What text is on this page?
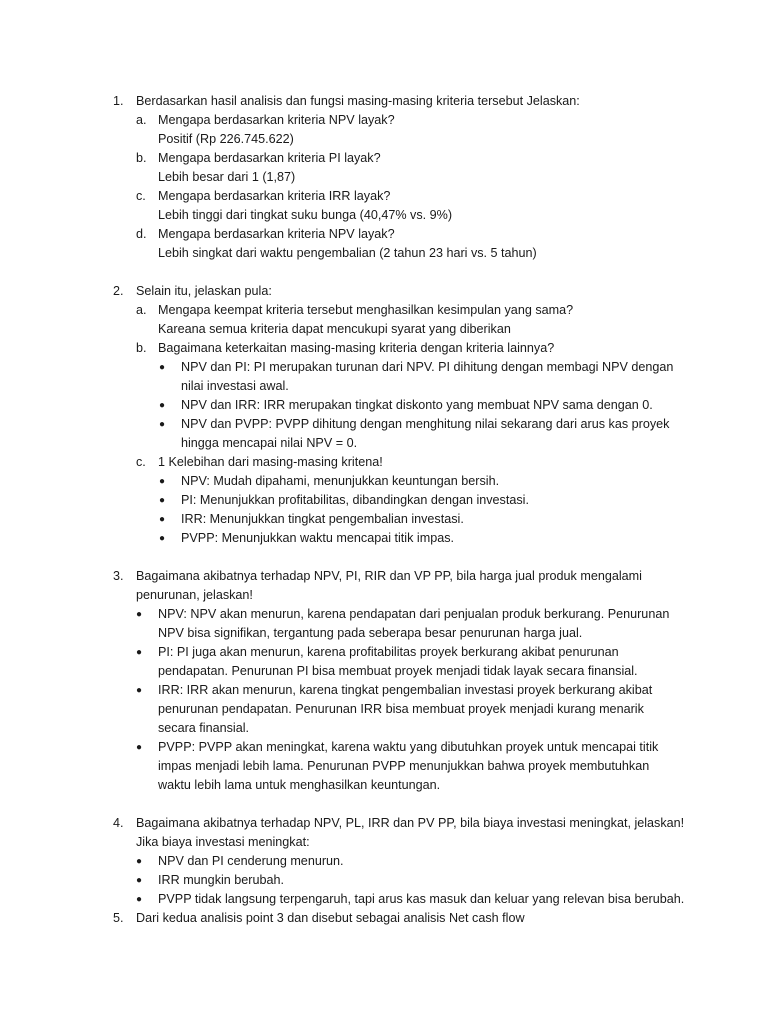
1. Berdasarkan hasil analisis dan fungsi masing-masing kriteria tersebut Jelaskan:
a. Mengapa berdasarkan kriteria NPV layak?
Positif (Rp 226.745.622)
b. Mengapa berdasarkan kriteria PI layak?
Lebih besar dari 1 (1,87)
c. Mengapa berdasarkan kriteria IRR layak?
Lebih tinggi dari tingkat suku bunga (40,47% vs. 9%)
d. Mengapa berdasarkan kriteria NPV layak?
Lebih singkat dari waktu pengembalian (2 tahun 23 hari vs. 5 tahun)
2. Selain itu, jelaskan pula:
a. Mengapa keempat kriteria tersebut menghasilkan kesimpulan yang sama?
Kareana semua kriteria dapat mencukupi syarat yang diberikan
b. Bagaimana keterkaitan masing-masing kriteria dengan kriteria lainnya?
● NPV dan PI: PI merupakan turunan dari NPV. PI dihitung dengan membagi NPV dengan
nilai investasi awal.
● NPV dan IRR: IRR merupakan tingkat diskonto yang membuat NPV sama dengan 0.
● NPV dan PVPP: PVPP dihitung dengan menghitung nilai sekarang dari arus kas proyek
hingga mencapai nilai NPV = 0.
c. 1 Kelebihan dari masing-masing kritena!
● NPV: Mudah dipahami, menunjukkan keuntungan bersih.
● PI: Menunjukkan profitabilitas, dibandingkan dengan investasi.
● IRR: Menunjukkan tingkat pengembalian investasi.
● PVPP: Menunjukkan waktu mencapai titik impas.
3. Bagaimana akibatnya terhadap NPV, PI, RIR dan VP PP, bila harga jual produk mengalami
penurunan, jelaskan!
● NPV: NPV akan menurun, karena pendapatan dari penjualan produk berkurang. Penurunan
NPV bisa signifikan, tergantung pada seberapa besar penurunan harga jual.
● PI: PI juga akan menurun, karena profitabilitas proyek berkurang akibat penurunan
pendapatan. Penurunan PI bisa membuat proyek menjadi tidak layak secara finansial.
● IRR: IRR akan menurun, karena tingkat pengembalian investasi proyek berkurang akibat
penurunan pendapatan. Penurunan IRR bisa membuat proyek menjadi kurang menarik
secara finansial.
● PVPP: PVPP akan meningkat, karena waktu yang dibutuhkan proyek untuk mencapai titik
impas menjadi lebih lama. Penurunan PVPP menunjukkan bahwa proyek membutuhkan
waktu lebih lama untuk menghasilkan keuntungan.
4. Bagaimana akibatnya terhadap NPV, PL, IRR dan PV PP, bila biaya investasi meningkat, jelaskan!
Jika biaya investasi meningkat:
● NPV dan PI cenderung menurun.
● IRR mungkin berubah.
● PVPP tidak langsung terpengaruh, tapi arus kas masuk dan keluar yang relevan bisa berubah.
5. Dari kedua analisis point 3 dan disebut sebagai analisis Net cash flow
